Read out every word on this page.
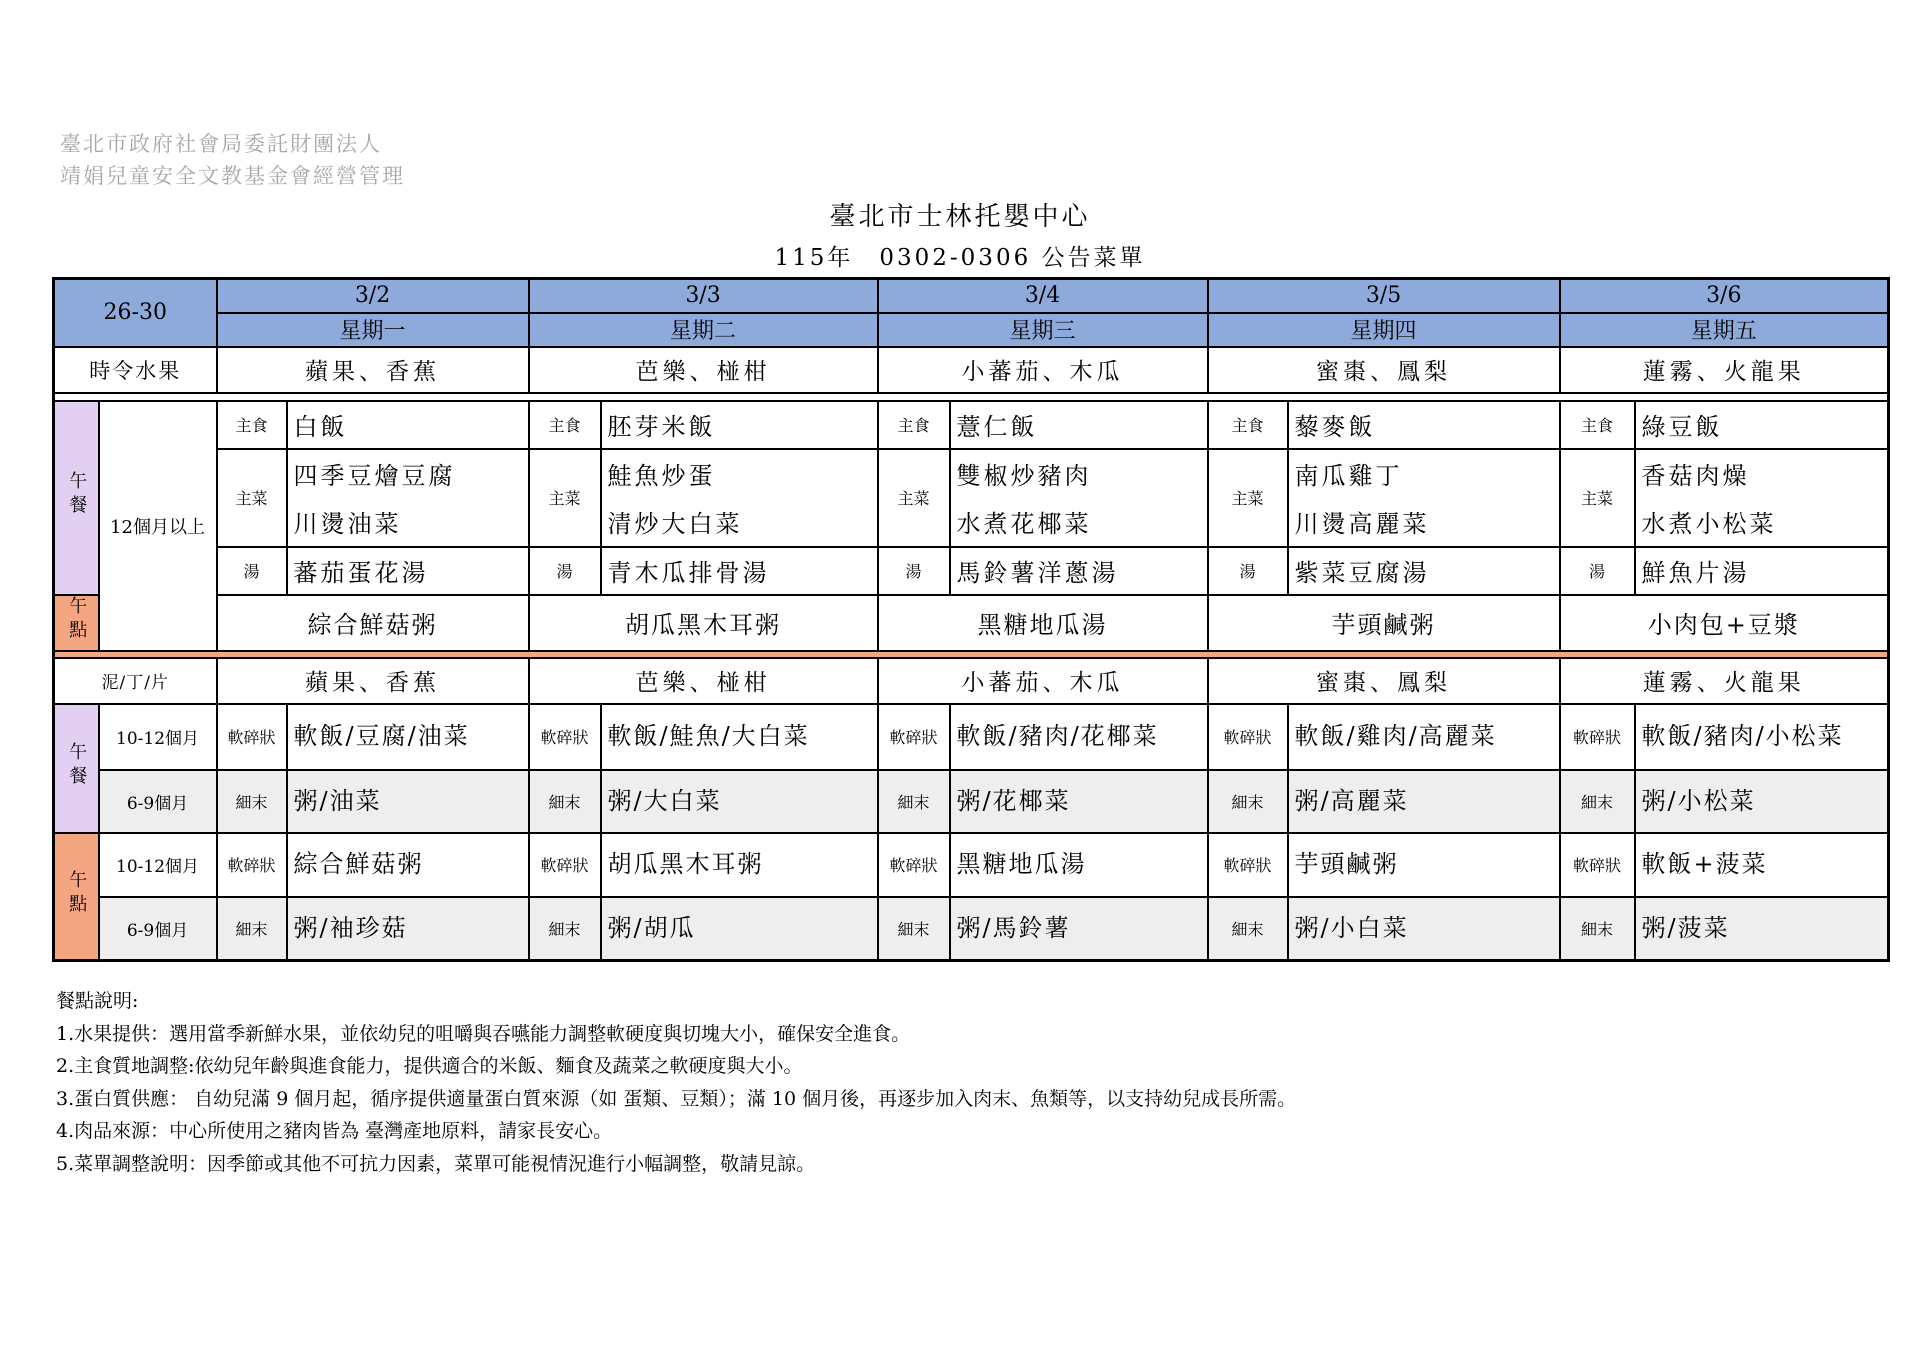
臺北市政府社會局委託財團法人
靖娟兒童安全文教基金會經營管理
臺北市士林托嬰中心
115年　0302-0306 公告菜單
26-30		3/2		3/3		3/4		3/5		3/6	
		星期一		星期二		星期三		星期四		星期五	
時令水果		蘋果、香蕉		芭樂、椪柑		小蕃茄、木瓜		蜜棗、鳳梨		蓮霧、火龍果	

午餐	12個月以上	主食	白飯	主食	胚芽米飯	主食	薏仁飯	主食	藜麥飯	主食	綠豆飯
		主菜	四季豆燴豆腐	主菜	鮭魚炒蛋	主菜	雙椒炒豬肉	主菜	南瓜雞丁	主菜	香菇肉燥
			川燙油菜		清炒大白菜		水煮花椰菜		川燙高麗菜		水煮小松菜
		湯	蕃茄蛋花湯	湯	青木瓜排骨湯	湯	馬鈴薯洋蔥湯	湯	紫菜豆腐湯	湯	鮮魚片湯
午點		綜合鮮菇粥		胡瓜黑木耳粥		黑糖地瓜湯		芋頭鹹粥		小肉包+豆漿	

泥/丁/片		蘋果、香蕉		芭樂、椪柑		小蕃茄、木瓜		蜜棗、鳳梨		蓮霧、火龍果	
午餐	10-12個月	軟碎狀	軟飯/豆腐/油菜	軟碎狀	軟飯/鮭魚/大白菜	軟碎狀	軟飯/豬肉/花椰菜	軟碎狀	軟飯/雞肉/高麗菜	軟碎狀	軟飯/豬肉/小松菜
	6-9個月	細末	粥/油菜	細末	粥/大白菜	細末	粥/花椰菜	細末	粥/高麗菜	細末	粥/小松菜
午點	10-12個月	軟碎狀	綜合鮮菇粥	軟碎狀	胡瓜黑木耳粥	軟碎狀	黑糖地瓜湯	軟碎狀	芋頭鹹粥	軟碎狀	軟飯+菠菜
	6-9個月	細末	粥/袖珍菇	細末	粥/胡瓜	細末	粥/馬鈴薯	細末	粥/小白菜	細末	粥/菠菜
餐點說明:
1.水果提供：選用當季新鮮水果，並依幼兒的咀嚼與吞嚥能力調整軟硬度與切塊大小，確保安全進食。
2.主食質地調整:依幼兒年齡與進食能力，提供適合的米飯、麵食及蔬菜之軟硬度與大小。
3.蛋白質供應： 自幼兒滿 9 個月起，循序提供適量蛋白質來源（如 蛋類、豆類）；滿 10 個月後，再逐步加入肉末、魚類等，以支持幼兒成長所需。
4.肉品來源：中心所使用之豬肉皆為 臺灣產地原料，請家長安心。
5.菜單調整說明：因季節或其他不可抗力因素，菜單可能視情況進行小幅調整，敬請見諒。
